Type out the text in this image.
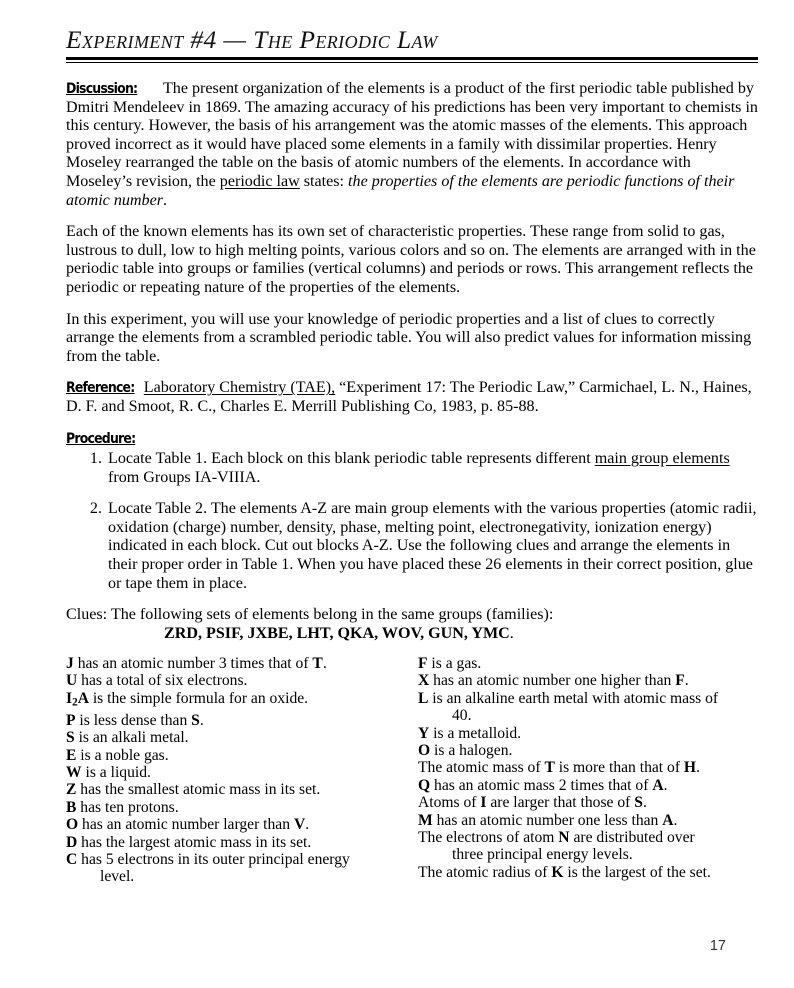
Experiment #4 — The Periodic Law

Discussion: The present organization of the elements is a product of the first periodic table published by Dmitri Mendeleev in 1869. The amazing accuracy of his predictions has been very important to chemists in this century. However, the basis of his arrangement was the atomic masses of the elements. This approach proved incorrect as it would have placed some elements in a family with dissimilar properties. Henry Moseley rearranged the table on the basis of atomic numbers of the elements. In accordance with Moseley’s revision, the periodic law states: the properties of the elements are periodic functions of their atomic number.

Each of the known elements has its own set of characteristic properties. These range from solid to gas, lustrous to dull, low to high melting points, various colors and so on. The elements are arranged with in the periodic table into groups or families (vertical columns) and periods or rows. This arrangement reflects the periodic or repeating nature of the properties of the elements.

In this experiment, you will use your knowledge of periodic properties and a list of clues to correctly arrange the elements from a scrambled periodic table. You will also predict values for information missing from the table.

Reference: Laboratory Chemistry (TAE), “Experiment 17: The Periodic Law,” Carmichael, L. N., Haines, D. F. and Smoot, R. C., Charles E. Merrill Publishing Co, 1983, p. 85-88.

Procedure:

1. Locate Table 1. Each block on this blank periodic table represents different main group elements from Groups IA-VIIIA.
2. Locate Table 2. The elements A-Z are main group elements with the various properties (atomic radii, oxidation (charge) number, density, phase, melting point, electronegativity, ionization energy) indicated in each block. Cut out blocks A-Z. Use the following clues and arrange the elements in their proper order in Table 1. When you have placed these 26 elements in their correct position, glue or tape them in place.

Clues: The following sets of elements belong in the same groups (families):

ZRD, PSIF, JXBE, LHT, QKA, WOV, GUN, YMC.

J has an atomic number 3 times that of T.

U has a total of six electrons.

$I_2A$ is the simple formula for an oxide.

P is less dense than S.

S is an alkali metal.

E is a noble gas.

W is a liquid.

Z has the smallest atomic mass in its set.

B has ten protons.

O has an atomic number larger than V.

D has the largest atomic mass in its set.

C has 5 electrons in its outer principal energy
level.

F is a gas.

X has an atomic number one higher than F.

L is an alkaline earth metal with atomic mass of
40.

Y is a metalloid.

O is a halogen.

The atomic mass of T is more than that of H.

Q has an atomic mass 2 times that of A.

Atoms of I are larger that those of S.

M has an atomic number one less than A.

The electrons of atom N are distributed over
three principal energy levels.

The atomic radius of K is the largest of the set.

17
